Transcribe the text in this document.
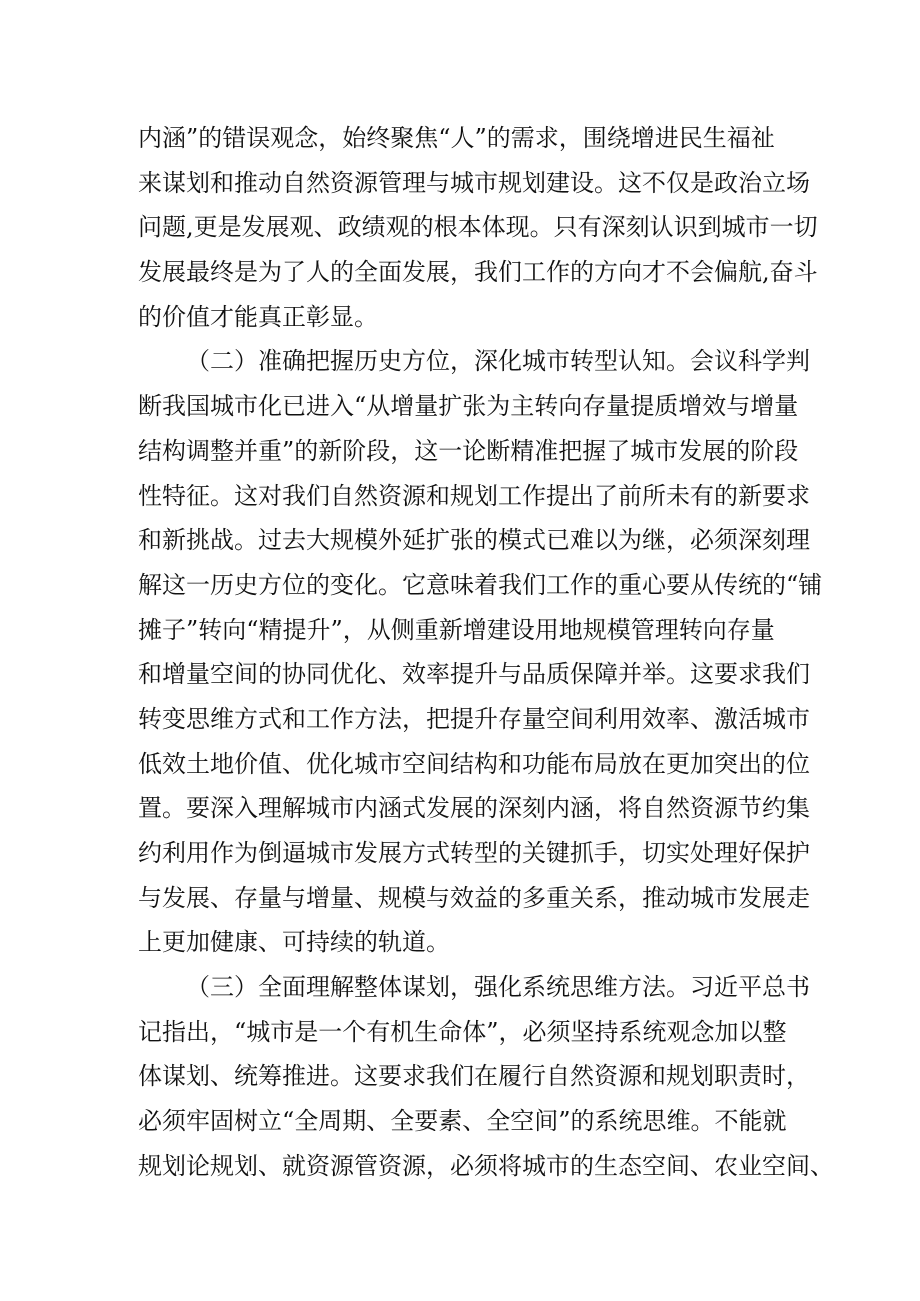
内涵”的错误观念，始终聚焦“人”的需求，围绕增进民生福祉
来谋划和推动自然资源管理与城市规划建设。这不仅是政治立场
问题,更是发展观、政绩观的根本体现。只有深刻认识到城市一切
发展最终是为了人的全面发展，我们工作的方向才不会偏航,奋斗
的价值才能真正彰显。
（二）准确把握历史方位，深化城市转型认知。会议科学判
断我国城市化已进入“从增量扩张为主转向存量提质增效与增量
结构调整并重”的新阶段，这一论断精准把握了城市发展的阶段
性特征。这对我们自然资源和规划工作提出了前所未有的新要求
和新挑战。过去大规模外延扩张的模式已难以为继，必须深刻理
解这一历史方位的变化。它意味着我们工作的重心要从传统的“铺
摊子”转向“精提升”，从侧重新增建设用地规模管理转向存量
和增量空间的协同优化、效率提升与品质保障并举。这要求我们
转变思维方式和工作方法，把提升存量空间利用效率、激活城市
低效土地价值、优化城市空间结构和功能布局放在更加突出的位
置。要深入理解城市内涵式发展的深刻内涵，将自然资源节约集
约利用作为倒逼城市发展方式转型的关键抓手，切实处理好保护
与发展、存量与增量、规模与效益的多重关系，推动城市发展走
上更加健康、可持续的轨道。
（三）全面理解整体谋划，强化系统思维方法。习近平总书
记指出，“城市是一个有机生命体”，必须坚持系统观念加以整
体谋划、统筹推进。这要求我们在履行自然资源和规划职责时，
必须牢固树立“全周期、全要素、全空间”的系统思维。不能就
规划论规划、就资源管资源，必须将城市的生态空间、农业空间、
